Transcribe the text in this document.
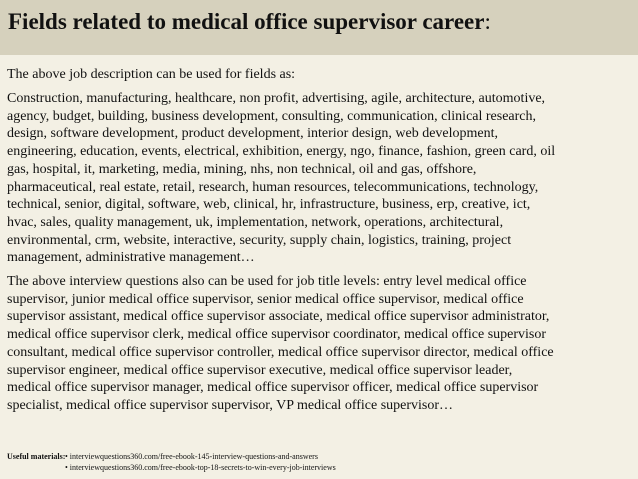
Fields related to medical office supervisor career:

The above job description can be used for fields as:

Construction, manufacturing, healthcare, non profit, advertising, agile, architecture, automotive,
agency, budget, building, business development, consulting, communication, clinical research,
design, software development, product development, interior design, web development,
engineering, education, events, electrical, exhibition, energy, ngo, finance, fashion, green card, oil
gas, hospital, it, marketing, media, mining, nhs, non technical, oil and gas, offshore,
pharmaceutical, real estate, retail, research, human resources, telecommunications, technology,
technical, senior, digital, software, web, clinical, hr, infrastructure, business, erp, creative, ict,
hvac, sales, quality management, uk, implementation, network, operations, architectural,
environmental, crm, website, interactive, security, supply chain, logistics, training, project
management, administrative management…

The above interview questions also can be used for job title levels: entry level medical office
supervisor, junior medical office supervisor, senior medical office supervisor, medical office
supervisor assistant, medical office supervisor associate, medical office supervisor administrator,
medical office supervisor clerk, medical office supervisor coordinator, medical office supervisor
consultant, medical office supervisor controller, medical office supervisor director, medical office
supervisor engineer, medical office supervisor executive, medical office supervisor leader,
medical office supervisor manager, medical office supervisor officer, medical office supervisor
specialist, medical office supervisor supervisor, VP medical office supervisor…

Useful materials:• interviewquestions360.com/free-ebook-145-interview-questions-and-answers
• interviewquestions360.com/free-ebook-top-18-secrets-to-win-every-job-interviews
